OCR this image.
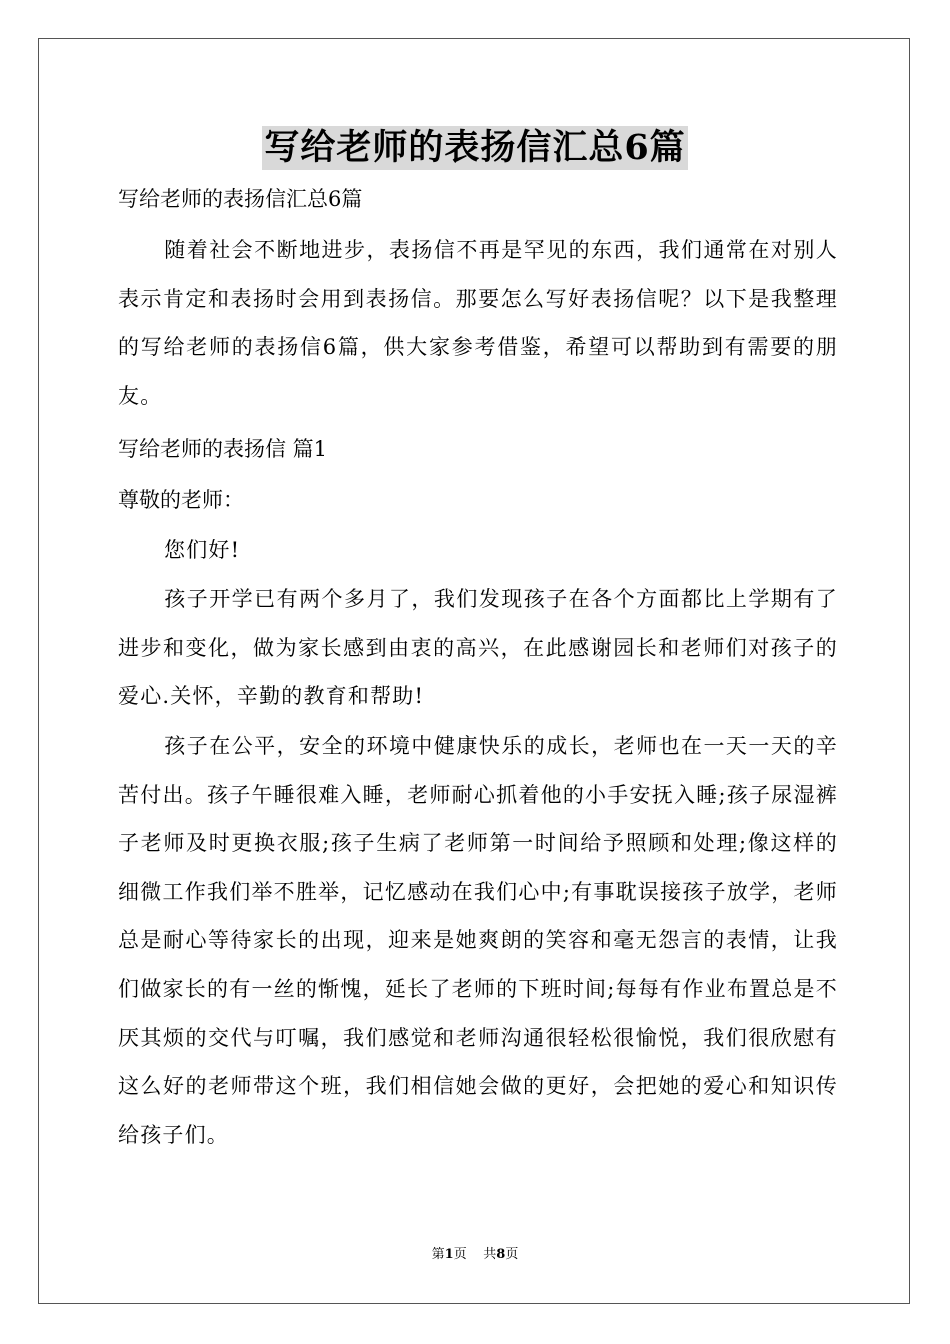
写给老师的表扬信汇总6篇
写给老师的表扬信汇总6篇
随着社会不断地进步，表扬信不再是罕见的东西，我们通常在对别人表示肯定和表扬时会用到表扬信。那要怎么写好表扬信呢？以下是我整理的写给老师的表扬信6篇，供大家参考借鉴，希望可以帮助到有需要的朋友。
写给老师的表扬信 篇1
尊敬的老师：
您们好!
孩子开学已有两个多月了，我们发现孩子在各个方面都比上学期有了进步和变化，做为家长感到由衷的高兴，在此感谢园长和老师们对孩子的爱心.关怀，辛勤的教育和帮助!
孩子在公平，安全的环境中健康快乐的成长，老师也在一天一天的辛苦付出。孩子午睡很难入睡，老师耐心抓着他的小手安抚入睡;孩子尿湿裤子老师及时更换衣服;孩子生病了老师第一时间给予照顾和处理;像这样的细微工作我们举不胜举，记忆感动在我们心中;有事耽误接孩子放学，老师总是耐心等待家长的出现，迎来是她爽朗的笑容和毫无怨言的表情，让我们做家长的有一丝的惭愧，延长了老师的下班时间;每每有作业布置总是不厌其烦的交代与叮嘱，我们感觉和老师沟通很轻松很愉悦，我们很欣慰有这么好的老师带这个班，我们相信她会做的更好，会把她的爱心和知识传给孩子们。
第1页 共8页
